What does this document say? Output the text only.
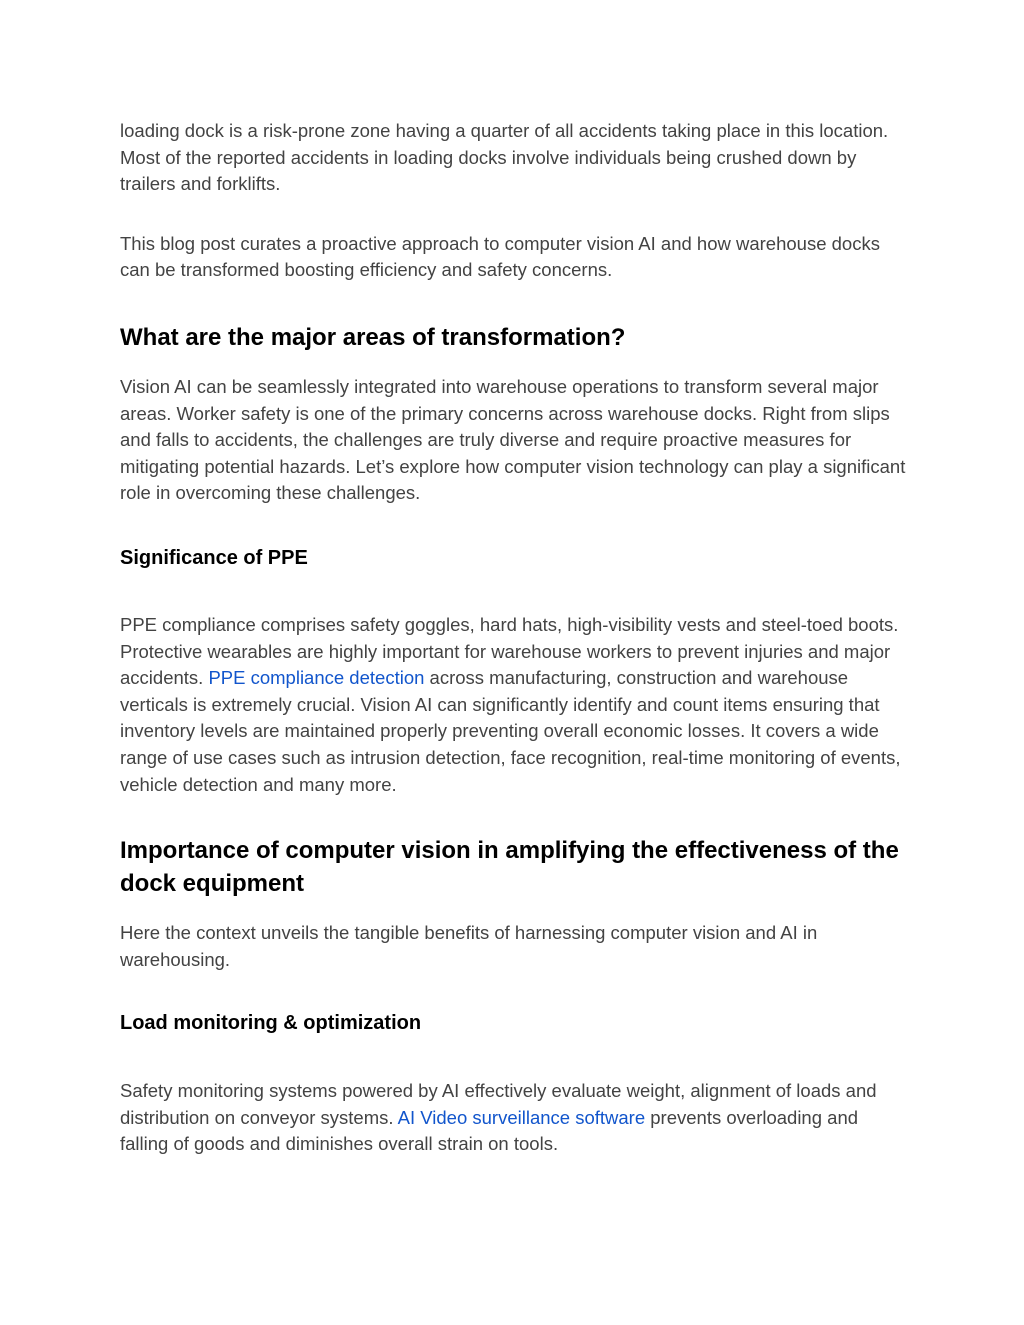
loading dock is a risk-prone zone having a quarter of all accidents taking place in this location. Most of the reported accidents in loading docks involve individuals being crushed down by trailers and forklifts.

This blog post curates a proactive approach to computer vision AI and how warehouse docks can be transformed boosting efficiency and safety concerns.

What are the major areas of transformation?

Vision AI can be seamlessly integrated into warehouse operations to transform several major areas. Worker safety is one of the primary concerns across warehouse docks. Right from slips and falls to accidents, the challenges are truly diverse and require proactive measures for mitigating potential hazards. Let’s explore how computer vision technology can play a significant role in overcoming these challenges.

Significance of PPE

PPE compliance comprises safety goggles, hard hats, high-visibility vests and steel-toed boots. Protective wearables are highly important for warehouse workers to prevent injuries and major accidents. PPE compliance detection across manufacturing, construction and warehouse verticals is extremely crucial. Vision AI can significantly identify and count items ensuring that inventory levels are maintained properly preventing overall economic losses. It covers a wide range of use cases such as intrusion detection, face recognition, real-time monitoring of events, vehicle detection and many more.

Importance of computer vision in amplifying the effectiveness of the dock equipment

Here the context unveils the tangible benefits of harnessing computer vision and AI in warehousing.

Load monitoring & optimization

Safety monitoring systems powered by AI effectively evaluate weight, alignment of loads and distribution on conveyor systems. AI Video surveillance software prevents overloading and falling of goods and diminishes overall strain on tools.
